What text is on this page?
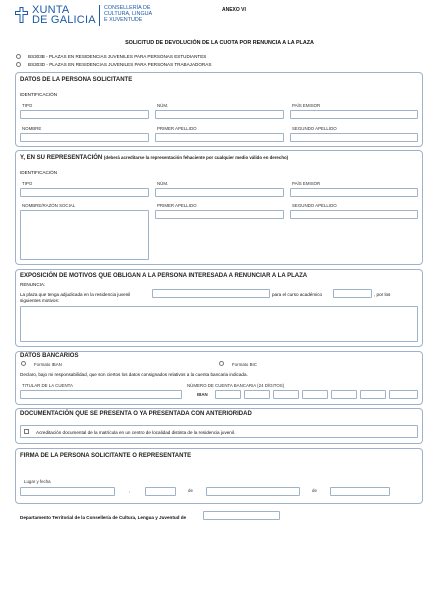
XUNTA
DE GALICIA
CONSELLERÍA DE
CULTURA, LINGUA
E XUVENTUDE
ANEXO VI
SOLICITUD DE DEVOLUCIÓN DE LA CUOTA POR RENUNCIA A LA PLAZA
BS303B - PLAZAS EN RESIDENCIAS JUVENILES PARA PERSONAS ESTUDIANTES
BS303D - PLAZAS EN RESIDENCIAS JUVENILES PARA PERSONAS TRABAJADORAS
DATOS DE LA PERSONA SOLICITANTE
IDENTIFICACIÓN
TIPO	NÚM.	PAÍS EMISOR
NOMBRE	PRIMER APELLIDO	SEGUNDO APELLIDO
Y, EN SU REPRESENTACIÓN (deberá acreditarse la representación fehaciente por cualquier medio válido en derecho)
IDENTIFICACIÓN
TIPO	NÚM.	PAÍS EMISOR
NOMBRE/RAZÓN SOCIAL	PRIMER APELLIDO	SEGUNDO APELLIDO
EXPOSICIÓN DE MOTIVOS QUE OBLIGAN A LA PERSONA INTERESADA A RENUNCIAR A LA PLAZA
RENUNCIA:
La plaza que tenga adjudicada en la residencia juvenil	para el curso académico	, por los
siguientes motivos:
DATOS BANCARIOS
Formato IBAN	Formato BIC
Declaro, bajo mi responsabilidad, que son ciertos los datos consignados relativos a la cuenta bancaria indicada.
TITULAR DE LA CUENTA	NÚMERO DE CUENTA BANCARIA (24 DÍGITOS)
IBAN
DOCUMENTACIÓN QUE SE PRESENTA O YA PRESENTADA CON ANTERIORIDAD
Acreditación documental de la matrícula en un centro de localidad distinta de la residencia juvenil.
FIRMA DE LA PERSONA SOLICITANTE O REPRESENTANTE
Lugar y fecha
,	de	de
Departamento Territorial de la Consellería de Cultura, Lengua y Juventud de
